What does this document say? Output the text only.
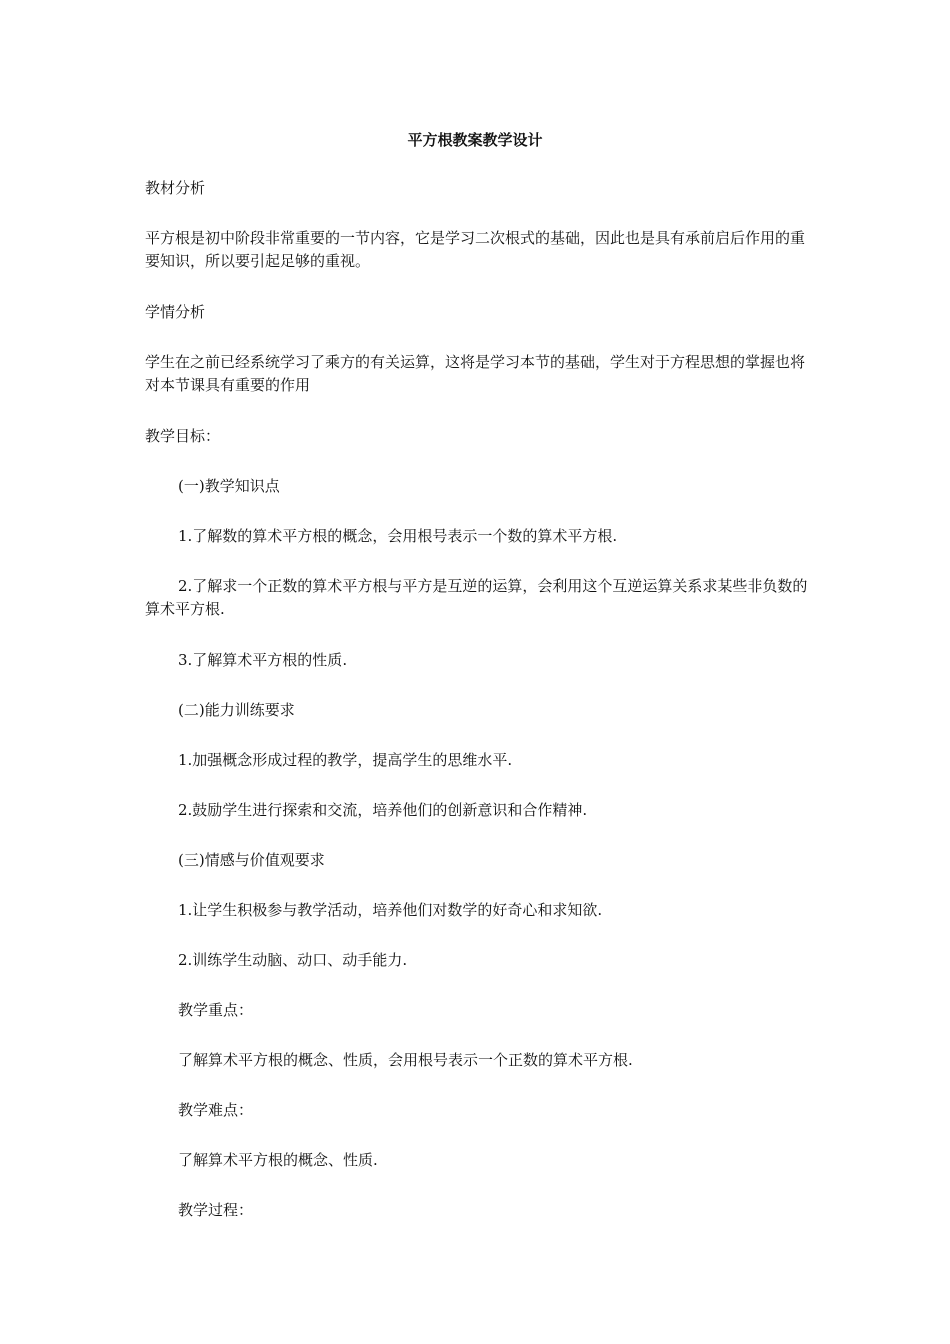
平方根教案教学设计

教材分析

平方根是初中阶段非常重要的一节内容，它是学习二次根式的基础，因此也是具有承前启后作用的重要知识，所以要引起足够的重视。

学情分析

学生在之前已经系统学习了乘方的有关运算，这将是学习本节的基础，学生对于方程思想的掌握也将对本节课具有重要的作用

教学目标：

(一)教学知识点

1.了解数的算术平方根的概念，会用根号表示一个数的算术平方根.

2.了解求一个正数的算术平方根与平方是互逆的运算，会利用这个互逆运算关系求某些非负数的算术平方根.

3.了解算术平方根的性质.

(二)能力训练要求

1.加强概念形成过程的教学，提高学生的思维水平.

2.鼓励学生进行探索和交流，培养他们的创新意识和合作精神.

(三)情感与价值观要求

1.让学生积极参与教学活动，培养他们对数学的好奇心和求知欲.

2.训练学生动脑、动口、动手能力.

教学重点：

了解算术平方根的概念、性质，会用根号表示一个正数的算术平方根.

教学难点：

了解算术平方根的概念、性质.

教学过程：
